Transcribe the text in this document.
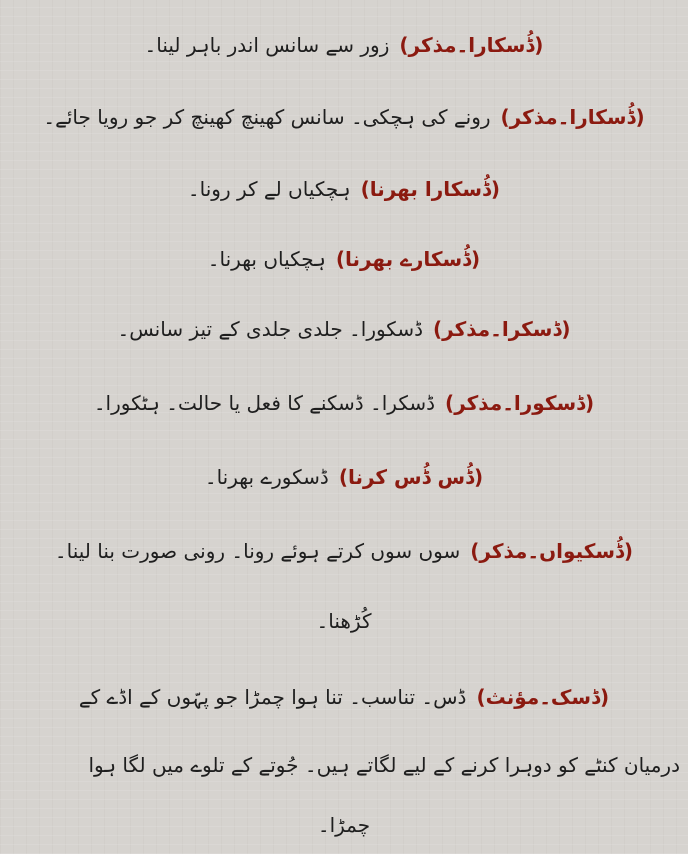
(ڈُسکارا۔مذکر)زور سے سانس اندر باہر لینا۔
(ڈُسکارا۔مذکر)رونے کی ہچکی۔ سانس کھینچ کھینچ کر جو رویا جائے۔
(ڈُسکارا بھرنا)ہچکیاں لے کر رونا۔
(ڈُسکارے بھرنا)ہچکیاں بھرنا۔
(ڈسکرا۔مذکر)ڈسکورا۔ جلدی جلدی کے تیز سانس۔
(ڈسکورا۔مذکر)ڈسکرا۔ ڈسکنے کا فعل یا حالت۔ ہٹکورا۔
(ڈُس ڈُس کرنا)ڈسکورے بھرنا۔
(ڈُسکیواں۔مذکر)سوں سوں کرتے ہوئے رونا۔ رونی صورت بنا لینا۔
کُڑھنا۔
(ڈسک۔مؤنث)ڈس۔ تناسب۔ تنا ہوا چمڑا جو پہّوں کے اڈے کے
درمیان کنٹے کو دوہرا کرنے کے لیے لگاتے ہیں۔ جُوتے کے تلوے میں لگا ہوا
چمڑا۔
